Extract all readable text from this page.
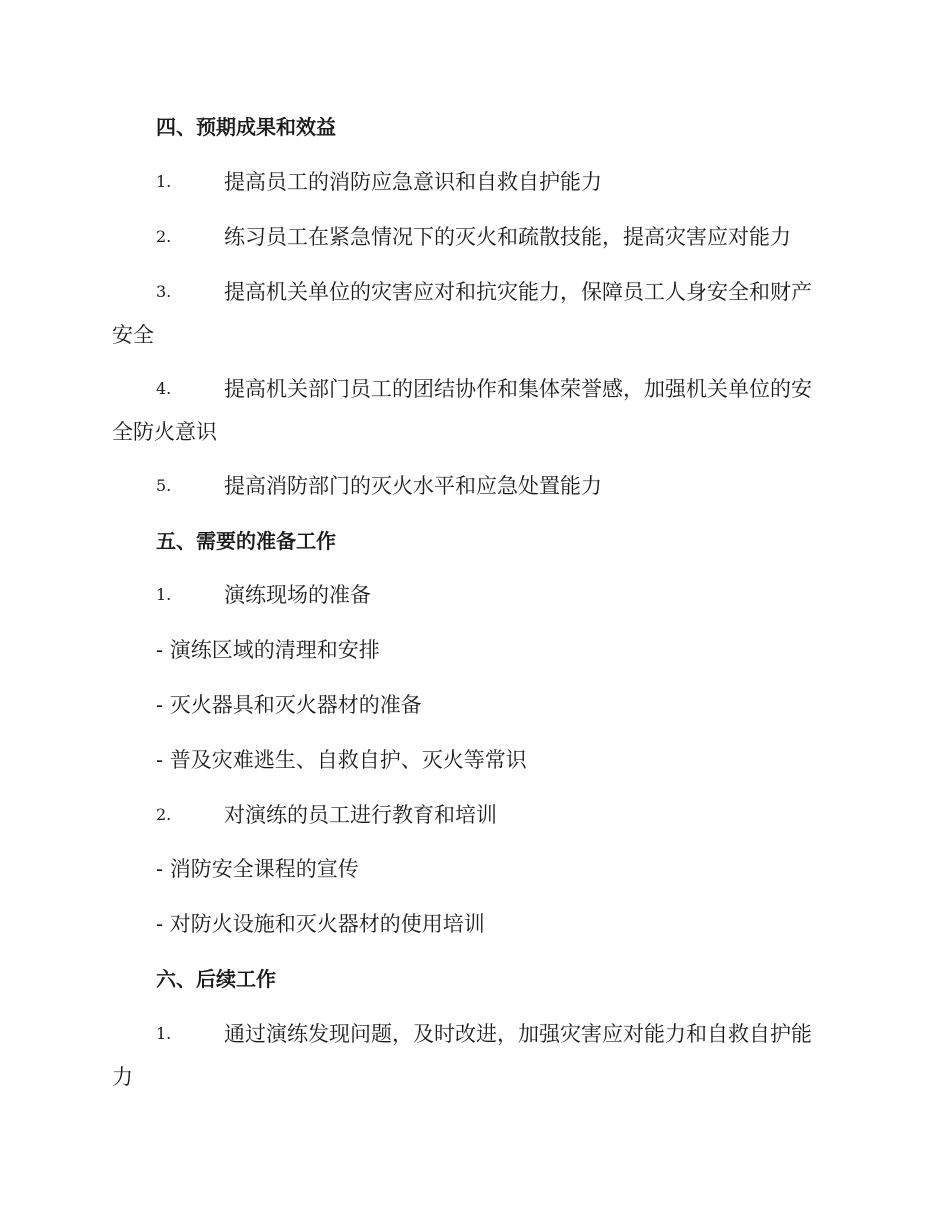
四、预期成果和效益
1.	提高员工的消防应急意识和自救自护能力
2.	练习员工在紧急情况下的灭火和疏散技能，提高灾害应对能力
3.	提高机关单位的灾害应对和抗灾能力，保障员工人身安全和财产
安全
4.	提高机关部门员工的团结协作和集体荣誉感，加强机关单位的安
全防火意识
5.	提高消防部门的灭火水平和应急处置能力
五、需要的准备工作
1.	演练现场的准备
- 演练区域的清理和安排
- 灭火器具和灭火器材的准备
- 普及灾难逃生、自救自护、灭火等常识
2.	对演练的员工进行教育和培训
- 消防安全课程的宣传
- 对防火设施和灭火器材的使用培训
六、后续工作
1.	通过演练发现问题，及时改进，加强灾害应对能力和自救自护能
力
